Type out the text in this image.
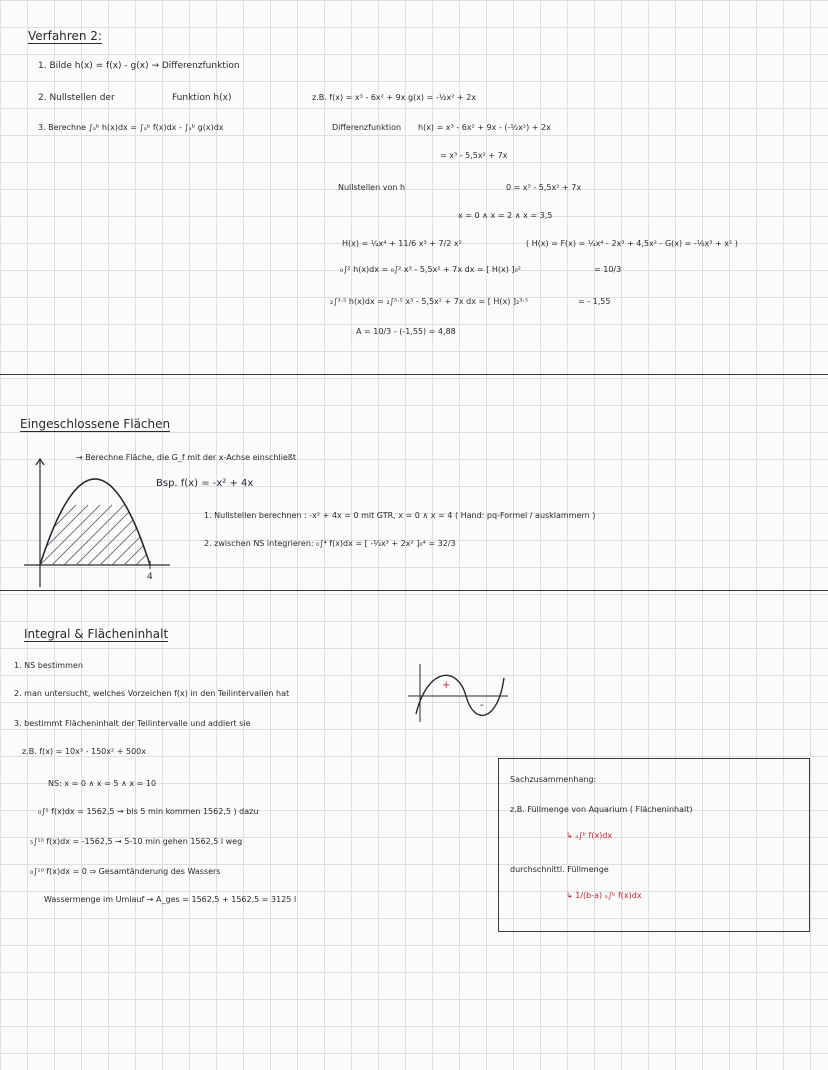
Verfahren 2:
1. Bilde h(x) = f(x) - g(x) → Differenzfunktion
2. Nullstellen der	Funktion h(x)
3. Berechne ∫ₐᵇ h(x)dx = ∫ₐᵇ f(x)dx - ∫ₐᵇ g(x)dx
z.B. f(x) = x³ - 6x² + 9x g(x) = -½x² + 2x
Differenzfunktion h(x) = x³ - 6x² + 9x - (-½x²) + 2x
= x³ - 5,5x² + 7x
Nullstellen von h	0 = x³ - 5,5x² + 7x
x = 0 ∧ x = 2 ∧ x = 3,5
H(x) = ¼x⁴ + 11/6 x³ + 7/2 x²	( H(x) = F(x) = ¼x⁴ - 2x³ + 4,5x² - G(x) = -⅙x³ + x² )
₀∫² h(x)dx = ₀∫² x³ - 5,5x² + 7x dx = [ H(x) ]₀²	= 10/3
₂∫³·⁵ h(x)dx = ₂∫³·⁵ x³ - 5,5x² + 7x dx = [ H(x) ]₂³·⁵	= - 1,55
A = 10/3 - (-1,55) = 4,88
Eingeschlossene Flächen
→ Berechne Fläche, die G_f mit der x-Achse einschließt
Bsp. f(x) = -x² + 4x
1. Nullstellen berechnen : -x² + 4x = 0 mit GTR, x = 0 ∧ x = 4 ( Hand: pq-Formel / ausklammern )
2. zwischen NS integrieren: ₀∫⁴ f(x)dx = [ -⅓x³ + 2x² ]₀⁴ = 32/3
4
Integral & Flächeninhalt
1. NS bestimmen
2. man untersucht, welches Vorzeichen f(x) in den Teilintervallen hat
3. bestimmt Flächeninhalt der Teilintervalle und addiert sie
z.B. f(x) = 10x³ - 150x² + 500x
NS: x = 0 ∧ x = 5 ∧ x = 10
₀∫⁵ f(x)dx = 1562,5 → bis 5 min kommen 1562,5 ) dazu
₅∫¹⁰ f(x)dx = -1562,5 → 5-10 min gehen 1562,5 l weg
₀∫¹⁰ f(x)dx = 0 ⇒ Gesamtänderung des Wassers
Wassermenge im Umlauf → A_ges = 1562,5 + 1562,5 = 3125 l
+
-
Sachzusammenhang:
z.B. Füllmenge von Aquarium ( Flächeninhalt)
↳ ₐ∫ᵇ f(x)dx
durchschnittl. Füllmenge
↳ 1/(b-a) ₐ∫ᵇ f(x)dx
